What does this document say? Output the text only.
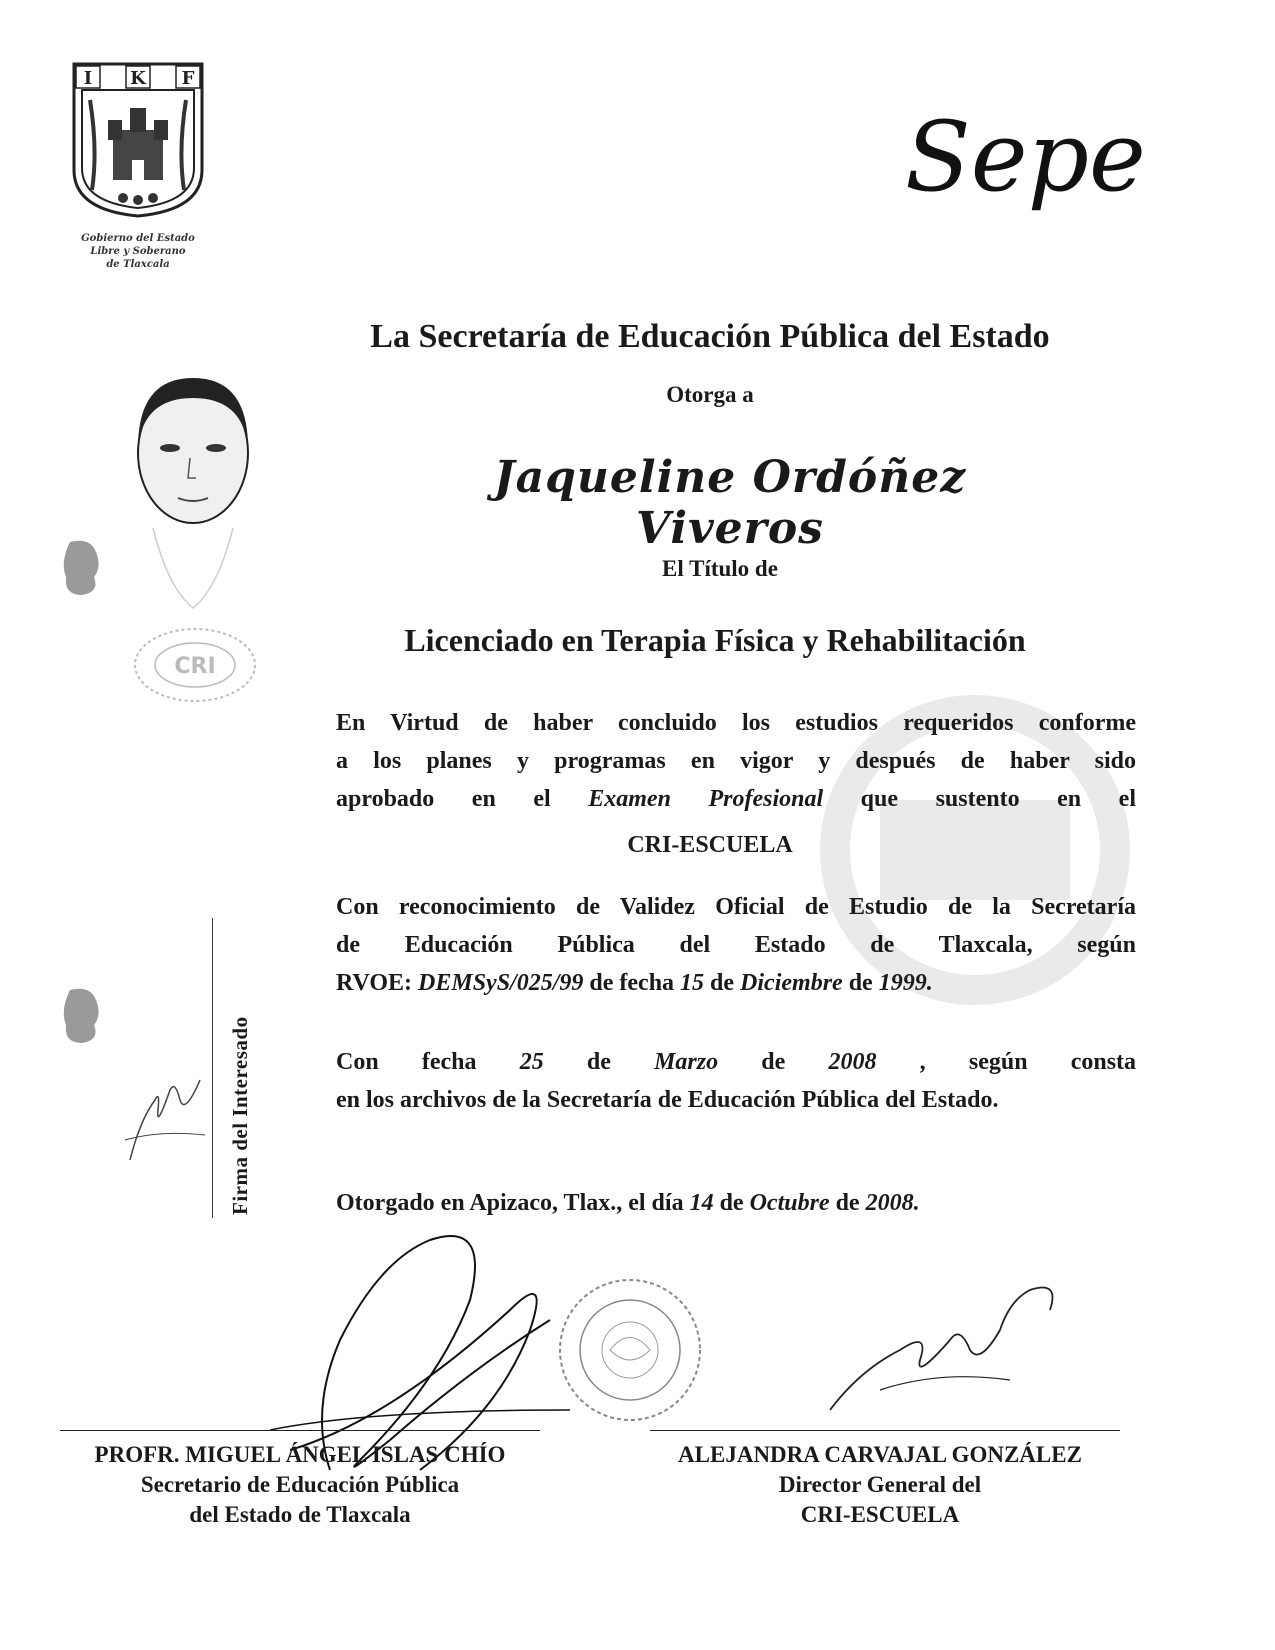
I K F
Gobierno del Estado
Libre y Soberano
de Tlaxcala
Sepe
CRI
Firma del Interesado
La Secretaría de Educación Pública del Estado
Otorga a
Jaqueline Ordóñez Viveros
El Título de
Licenciado en Terapia Física y Rehabilitación
En Virtud de haber concluido los estudios requeridos conforme
a los planes y programas en vigor y después de haber sido
aprobado en el Examen Profesional que sustento en el
CRI-ESCUELA
Con reconocimiento de Validez Oficial de Estudio de la Secretaría
de Educación Pública del Estado de Tlaxcala, según
RVOE: DEMSyS/025/99 de fecha 15 de Diciembre de 1999.
Con fecha 25 de Marzo de 2008 , según consta
en los archivos de la Secretaría de Educación Pública del Estado.
Otorgado en Apizaco, Tlax., el día 14 de Octubre de 2008.
PROFR. MIGUEL ÁNGEL ISLAS CHÍO
Secretario de Educación Pública
del Estado de Tlaxcala
ALEJANDRA CARVAJAL GONZÁLEZ
Director General del
CRI-ESCUELA
